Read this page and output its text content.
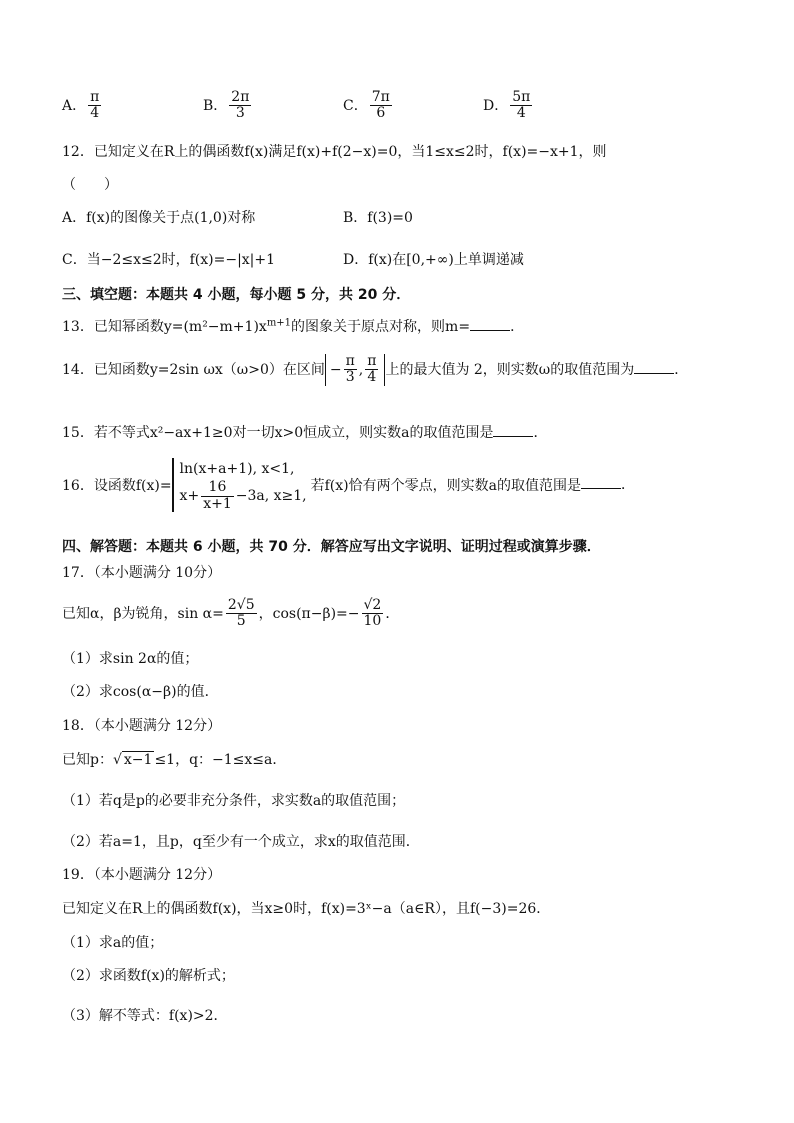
A． $\frac{\pi}{4}$	B． $\frac{2\pi}{3}$	C． $\frac{7\pi}{6}$	D． $\frac{5\pi}{4}$
12．已知定义在R上的偶函数f(x)满足f(x)+f(2−x)=0，当1≤x≤2时，f(x)=−x+1，则
（　　）
A．f(x)的图像关于点(1,0)对称	B．f(3)=0
C．当−2≤x≤2时，f(x)=−|x|+1	D．f(x)在[0,+∞)上单调递减
三、填空题：本题共 4 小题，每小题 5 分，共 20 分．
13．已知幂函数$y=(m^2-m+1)x^{m+1}$的图象关于原点对称，则m=	．
14．已知函数y=2sin ωx（ω>0）在区间 − $\frac{\pi}{3}$ , $\frac{\pi}{4}$ 上的最大值为 2，则实数ω的取值范围为	．
15．若不等式x²−ax+1≥0对一切x>0恒成立，则实数a的取值范围是	．
16．设函数f(x)=
ln(x+a+1), x<1,
$x+ \frac{16}{x+1} -3a$, x≥1,
若f(x)恰有两个零点，则实数a的取值范围是	．
四、解答题：本题共 6 小题，共 70 分．解答应写出文字说明、证明过程或演算步骤．
17．（本小题满分 10分）
已知α，β为锐角，$\sin \alpha= \frac{2√5}{5}$ ，$\cos(\pi-\beta)=- \frac{√2}{10}$ ．
（1）求sin 2α的值；
（2）求cos(α−β)的值．
18．（本小题满分 12分）
已知p：√ x−1 ≤1，q：−1≤x≤a．
（1）若q是p的必要非充分条件，求实数a的取值范围；
（2）若a=1，且p，q至少有一个成立，求x的取值范围．
19．（本小题满分 12分）
已知定义在R上的偶函数f(x)，当x≥0时，f(x)=3ˣ−a（a∈R），且f(−3)=26．
（1）求a的值；
（2）求函数f(x)的解析式；
（3）解不等式：f(x)>2．
